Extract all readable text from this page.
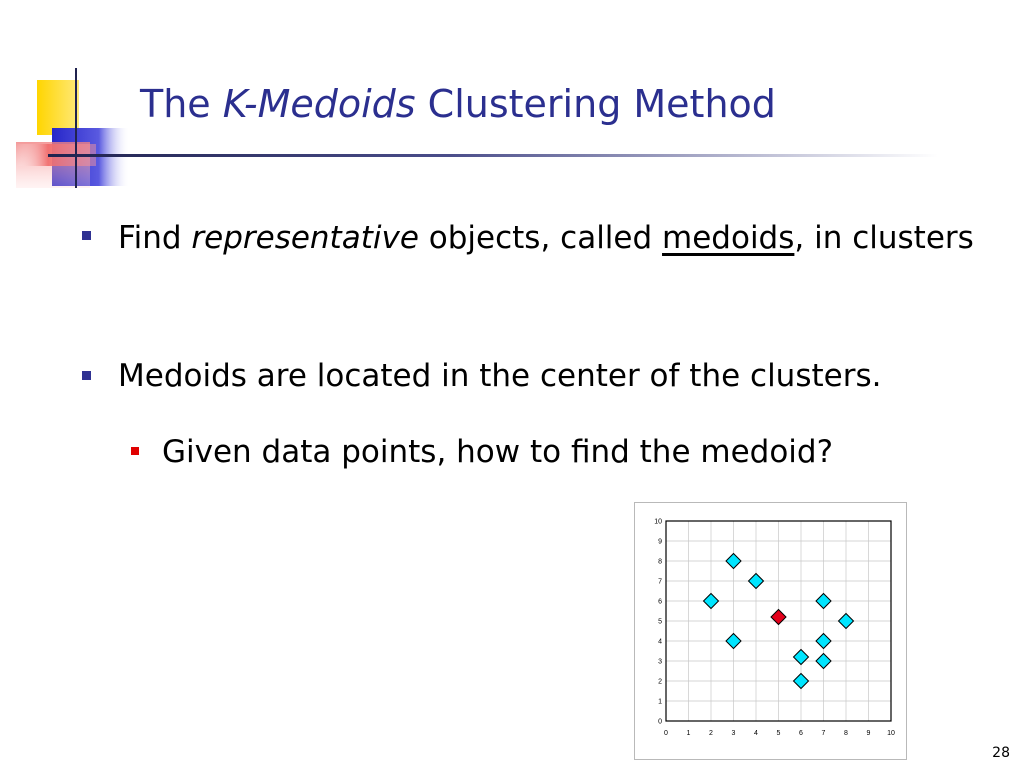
The K-Medoids Clustering Method
Find representative objects, called medoids, in clusters
Medoids are located in the center of the clusters.
Given data points, how to find the medoid?
0	1	2	3	4	5	6	7	8	9 10
0
1
2
3
4
5
6
7
8
9
10
28
